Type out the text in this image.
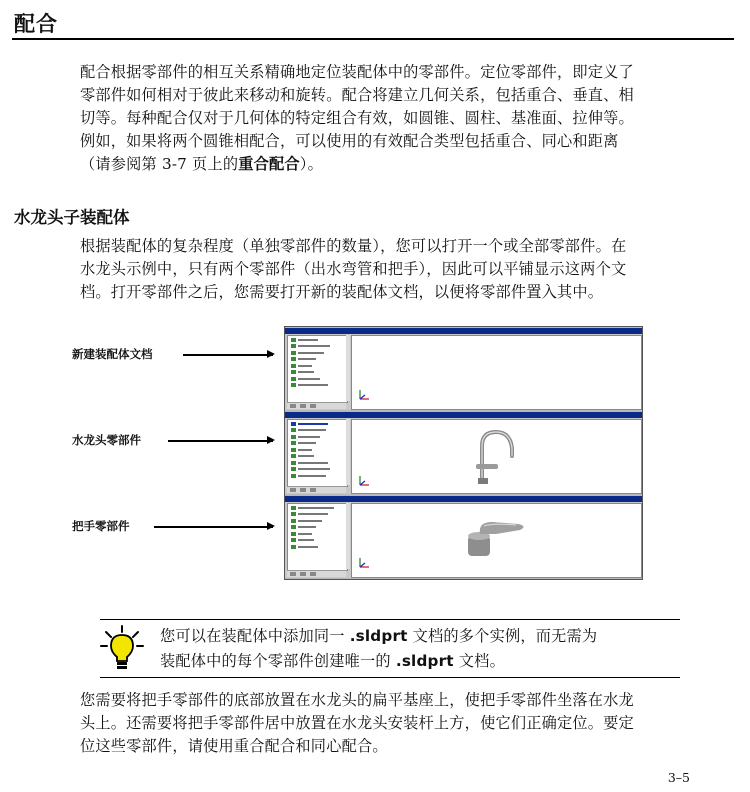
配合
配合根据零部件的相互关系精确地定位装配体中的零部件。定位零部件，即定义了
零部件如何相对于彼此来移动和旋转。配合将建立几何关系，包括重合、垂直、相
切等。每种配合仅对于几何体的特定组合有效，如圆锥、圆柱、基准面、拉伸等。
例如，如果将两个圆锥相配合，可以使用的有效配合类型包括重合、同心和距离
（请参阅第 3-7 页上的重合配合）。
水龙头子装配体
根据装配体的复杂程度（单独零部件的数量），您可以打开一个或全部零部件。在
水龙头示例中，只有两个零部件（出水弯管和把手），因此可以平铺显示这两个文
档。打开零部件之后，您需要打开新的装配体文档，以便将零部件置入其中。
新建装配体文档
水龙头零部件
把手零部件
您可以在装配体中添加同一 .sldprt 文档的多个实例，而无需为
装配体中的每个零部件创建唯一的 .sldprt 文档。
您需要将把手零部件的底部放置在水龙头的扁平基座上，使把手零部件坐落在水龙
头上。还需要将把手零部件居中放置在水龙头安装杆上方，使它们正确定位。要定
位这些零部件，请使用重合配合和同心配合。
3–5
